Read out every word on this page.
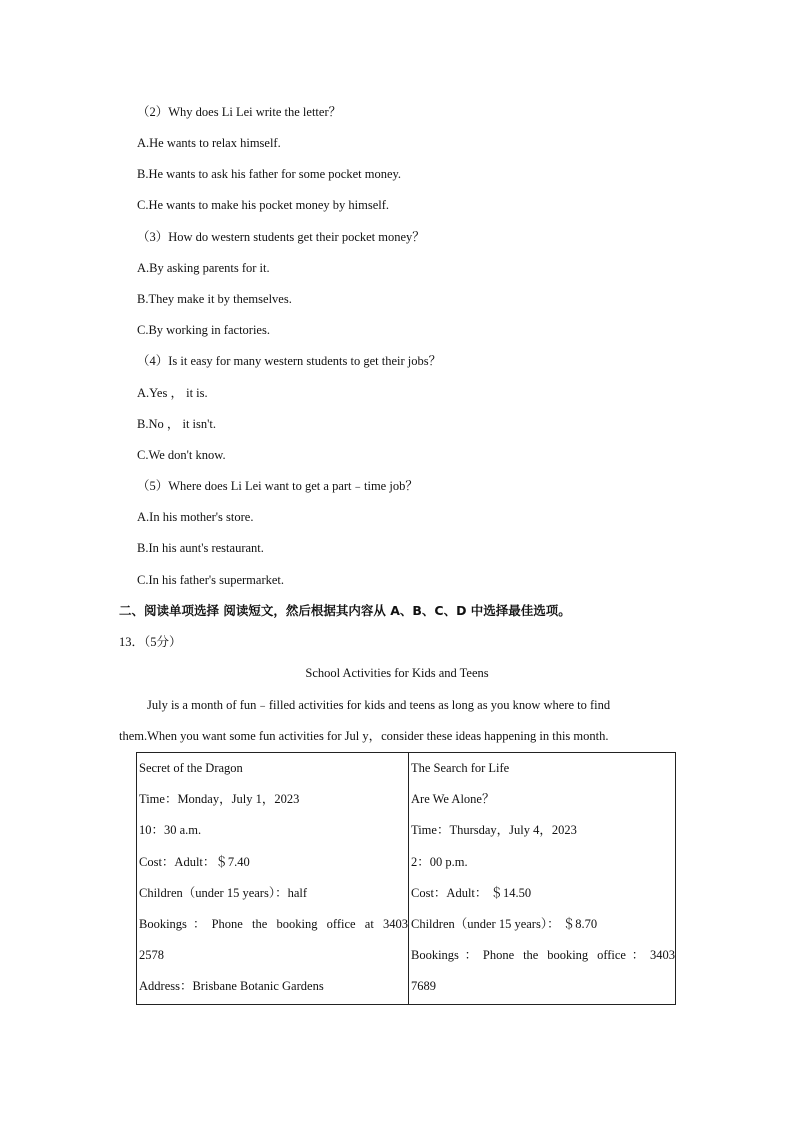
（2）Why does Li Lei write the letter？
A.He wants to relax himself.
B.He wants to ask his father for some pocket money.
C.He wants to make his pocket money by himself.
（3）How do western students get their pocket money？
A.By asking parents for it.
B.They make it by themselves.
C.By working in factories.
（4）Is it easy for many western students to get their jobs？
A.Yes ， it is.
B.No ， it isn't.
C.We don't know.
（5）Where does Li Lei want to get a part﹣time job？
A.In his mother's store.
B.In his aunt's restaurant.
C.In his father's supermarket.
二、阅读单项选择 阅读短文，然后根据其内容从 A、B、C、D 中选择最佳选项。
13．（5分）
School Activities for Kids and Teens
July is a month of fun﹣filled activities for kids and teens as long as you know where to find
them.When you want some fun activities for Jul y，consider these ideas happening in this month.
Secret of the Dragon
Time：Monday，July 1，2023
10：30 a.m.
Cost：Adult：＄7.40
Children（under 15 years）：half
Bookings：Phone the booking office at 3403
2578
Address：Brisbane Botanic Gardens

The Search for Life
Are We Alone？
Time：Thursday，July 4，2023
2：00 p.m.
Cost：Adult： ＄14.50
Children（under 15 years）： ＄8.70
Bookings：Phone the booking office：3403
7689
